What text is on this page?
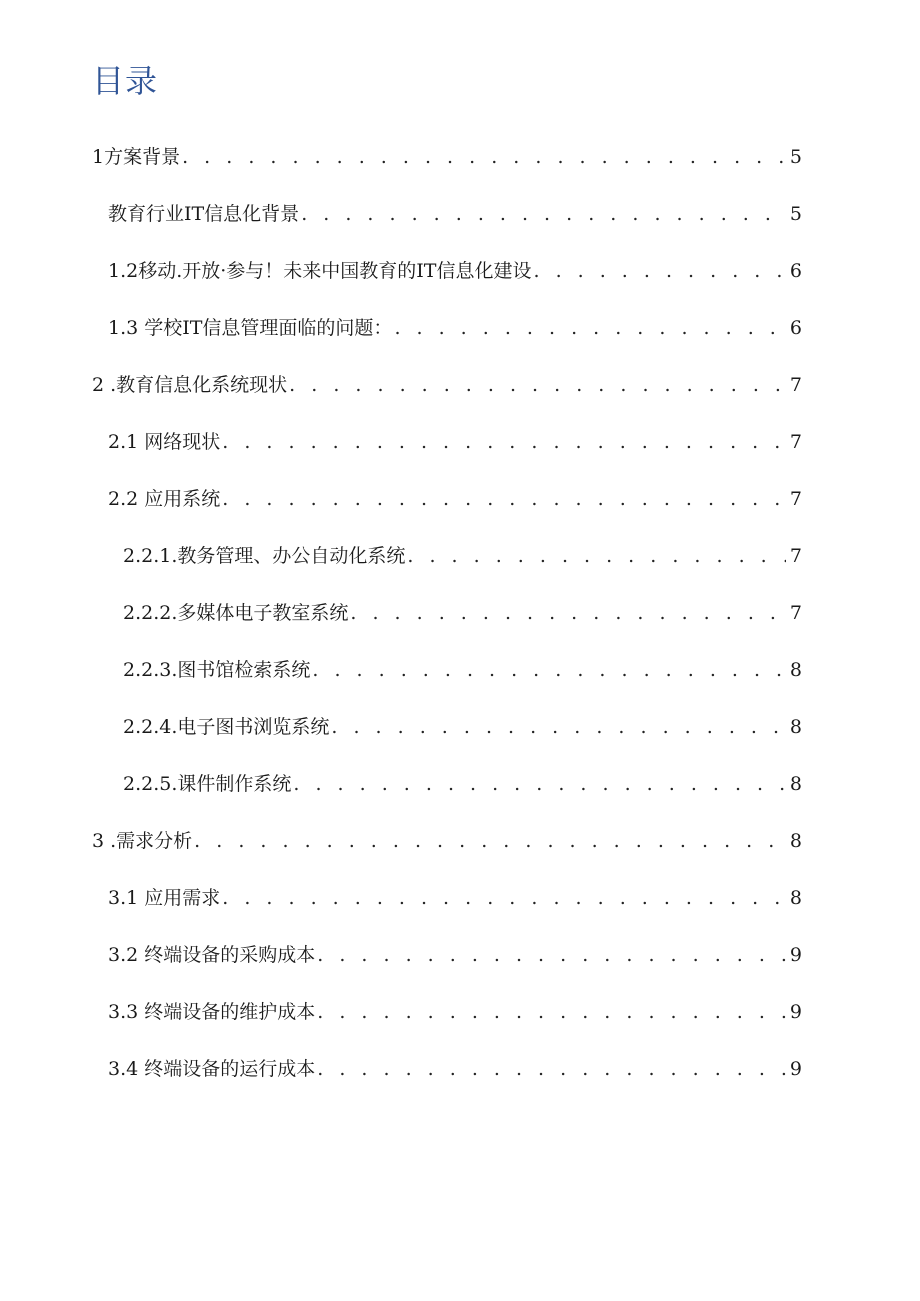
目录
1方案背景 . . .	5
教育行业IT信息化背景 . . .	5
1.2移动.开放·参与！未来中国教育的IT信息化建设 . . .	6
1.3 学校IT信息管理面临的问题： . . .	6
2 .教育信息化系统现状 . . .	7
2.1 网络现状 . . .	7
2.2 应用系统 . . .	7
2.2.1.教务管理、办公自动化系统 . . .	7
2.2.2.多媒体电子教室系统 . . .	7
2.2.3.图书馆检索系统 . . .	8
2.2.4.电子图书浏览系统 . . .	8
2.2.5.课件制作系统 . . .	8
3 .需求分析 . . .	8
3.1 应用需求 . . .	8
3.2 终端设备的采购成本 . . .	9
3.3 终端设备的维护成本 . . .	9
3.4 终端设备的运行成本 . . .	9
